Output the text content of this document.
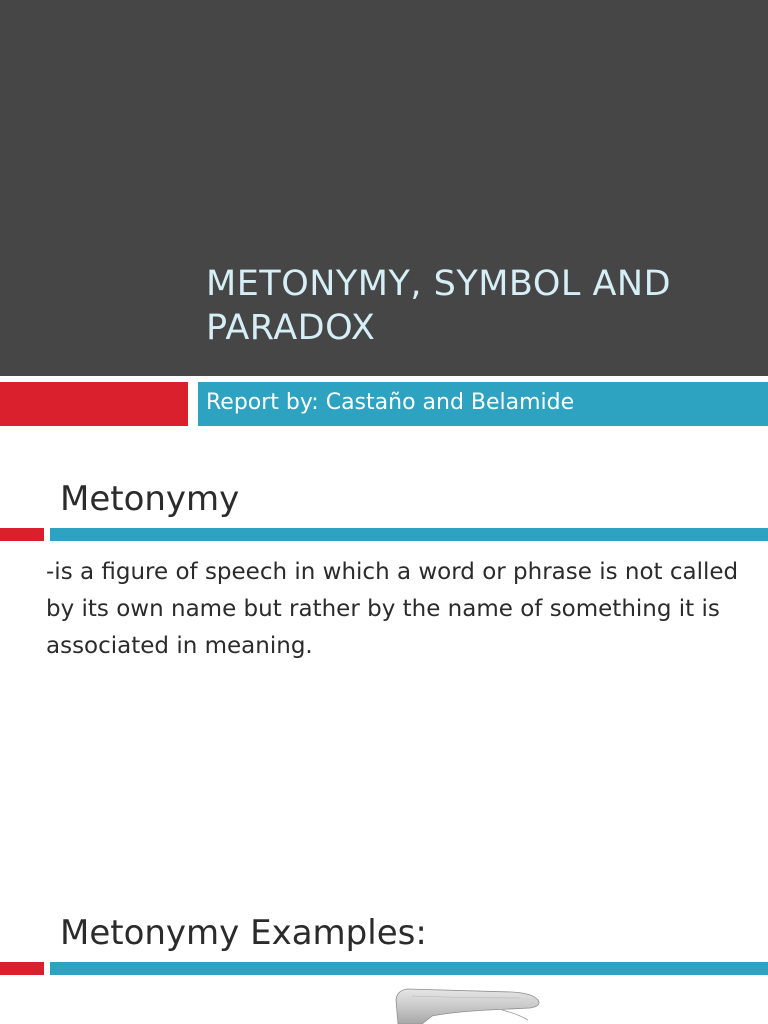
METONYMY, SYMBOL AND PARADOX

Report by: Castaño and Belamide

Metonymy

-is a figure of speech in which a word or phrase is not called by its own name but rather by the name of something it is associated in meaning.

Metonymy Examples:
